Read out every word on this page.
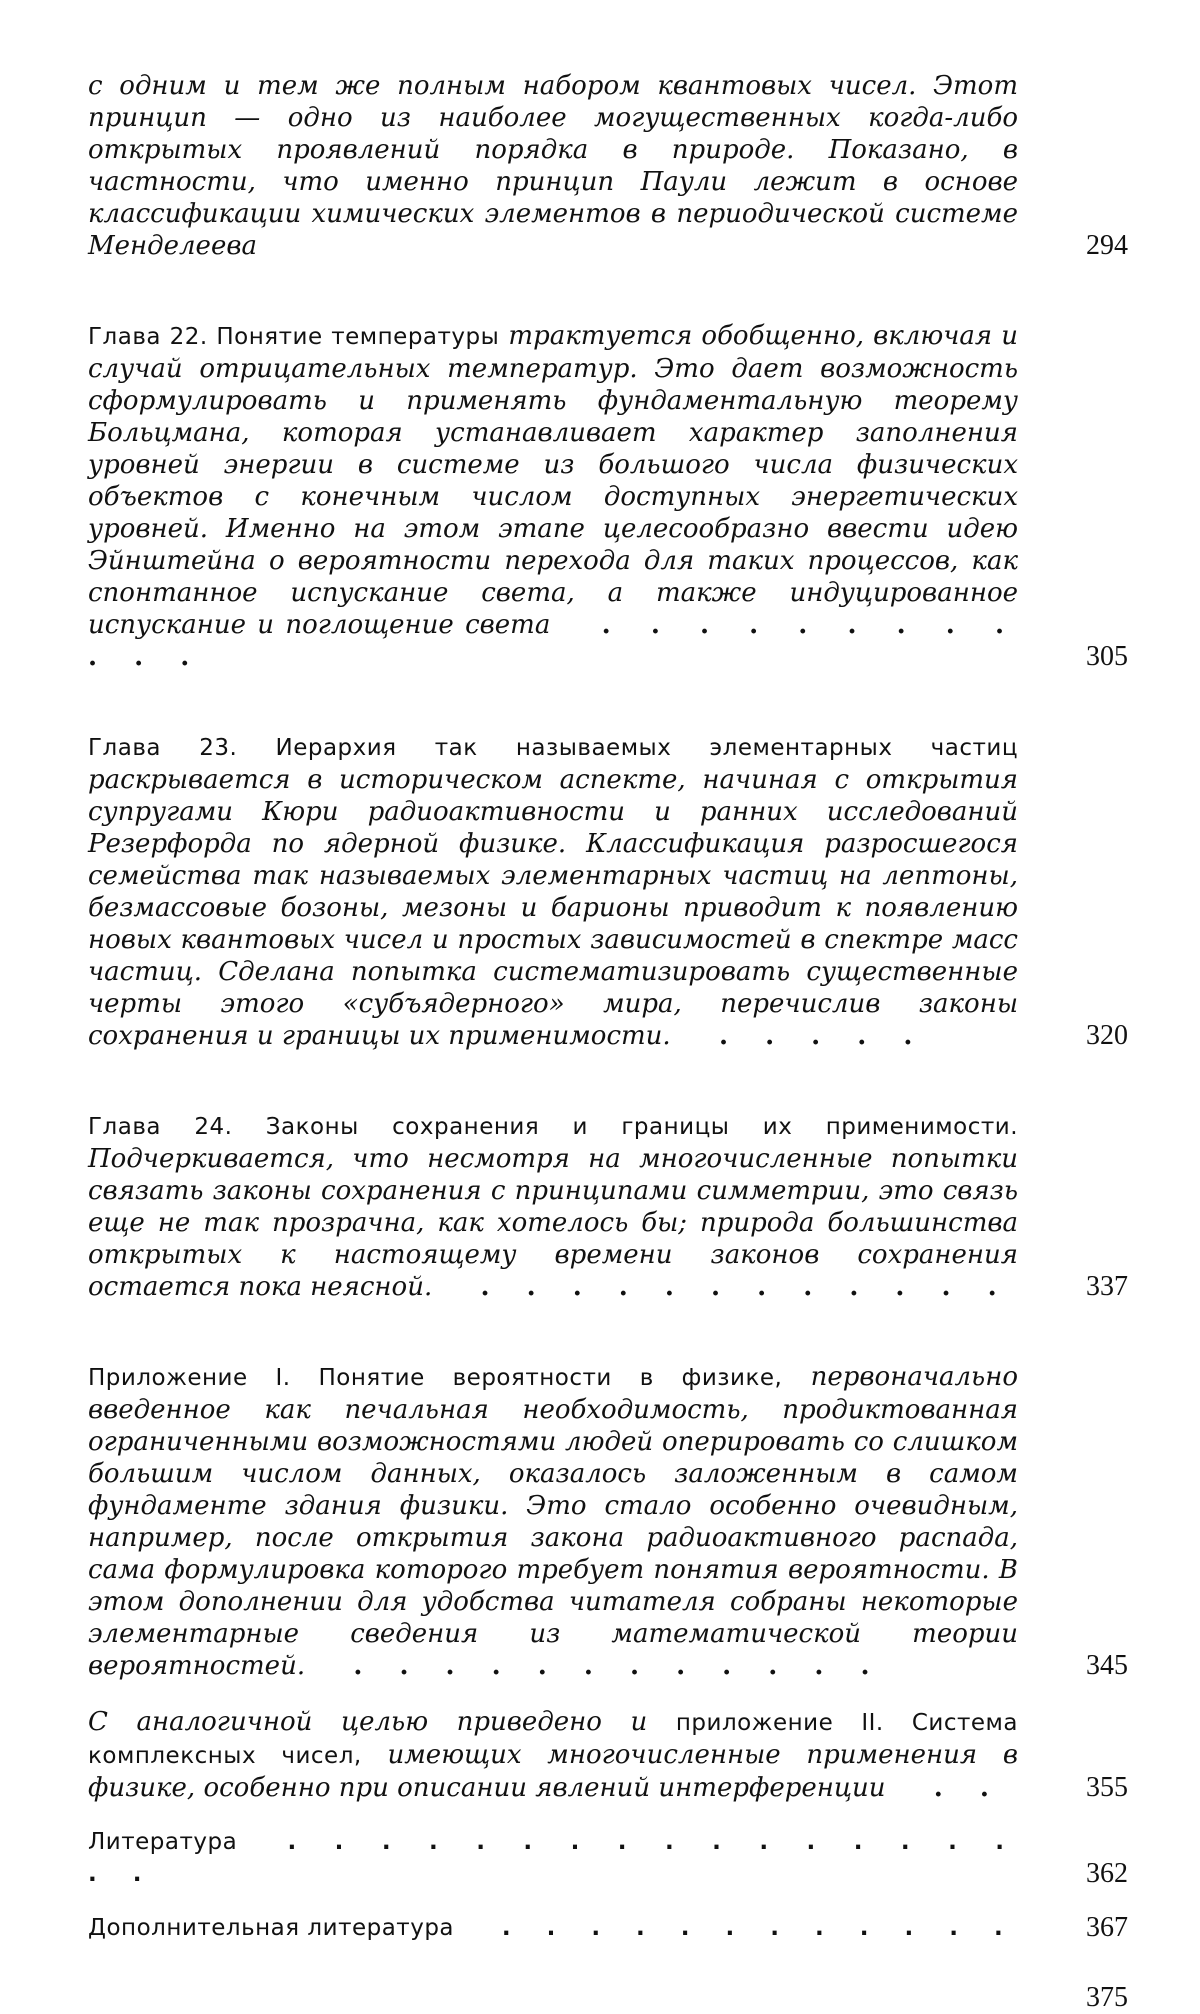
с одним и тем же полным набором квантовых чисел. Этот принцип — одно из наиболее могущественных когда-либо открытых проявлений порядка в природе. Показано, в частности, что именно принцип Паули лежит в основе классификации химических элементов в периодической системе Менделеева	294
Глава 22. Понятие температуры трактуется обобщенно, включая и случай отрицательных температур. Это дает возможность сформулировать и применять фундаментальную теорему Больцмана, которая устанавливает характер заполнения уровней энергии в системе из большого числа физических объектов с конечным числом доступных энергетических уровней. Именно на этом этапе целесообразно ввести идею Эйнштейна о вероятности перехода для таких процессов, как спонтанное испускание света, а также индуцированное испускание и поглощение света . . . . . . . . . . . .	305
Глава 23. Иерархия так называемых элементарных частиц раскрывается в историческом аспекте, начиная с открытия супругами Кюри радиоактивности и ранних исследований Резерфорда по ядерной физике. Классификация разросшегося семейства так называемых элементарных частиц на лептоны, безмассовые бозоны, мезоны и барионы приводит к появлению новых квантовых чисел и простых зависимостей в спектре масс частиц. Сделана попытка систематизировать существенные черты этого «субъядерного» мира, перечислив законы сохранения и границы их применимости. . . . . .	320
Глава 24. Законы сохранения и границы их применимости. Подчеркивается, что несмотря на многочисленные попытки связать законы сохранения с принципами симметрии, это связь еще не так прозрачна, как хотелось бы; природа большинства открытых к настоящему времени законов сохранения остается пока неясной. . . . . . . . . . . . .	337
Приложение I. Понятие вероятности в физике, первоначально введенное как печальная необходимость, продиктованная ограниченными возможностями людей оперировать со слишком большим числом данных, оказалось заложенным в самом фундаменте здания физики. Это стало особенно очевидным, например, после открытия закона радиоактивного распада, сама формулировка которого требует понятия вероятности. В этом дополнении для удобства читателя собраны некоторые элементарные сведения из математической теории вероятностей. . . . . . . . . . . . .	345
С аналогичной целью приведено и приложение II. Система комплексных чисел, имеющих многочисленные применения в физике, особенно при описании явлений интерференции . .	355
Литература . . . . . . . . . . . . . . . . . .	362
Дополнительная литература . . . . . . . . . . . .	367
375
